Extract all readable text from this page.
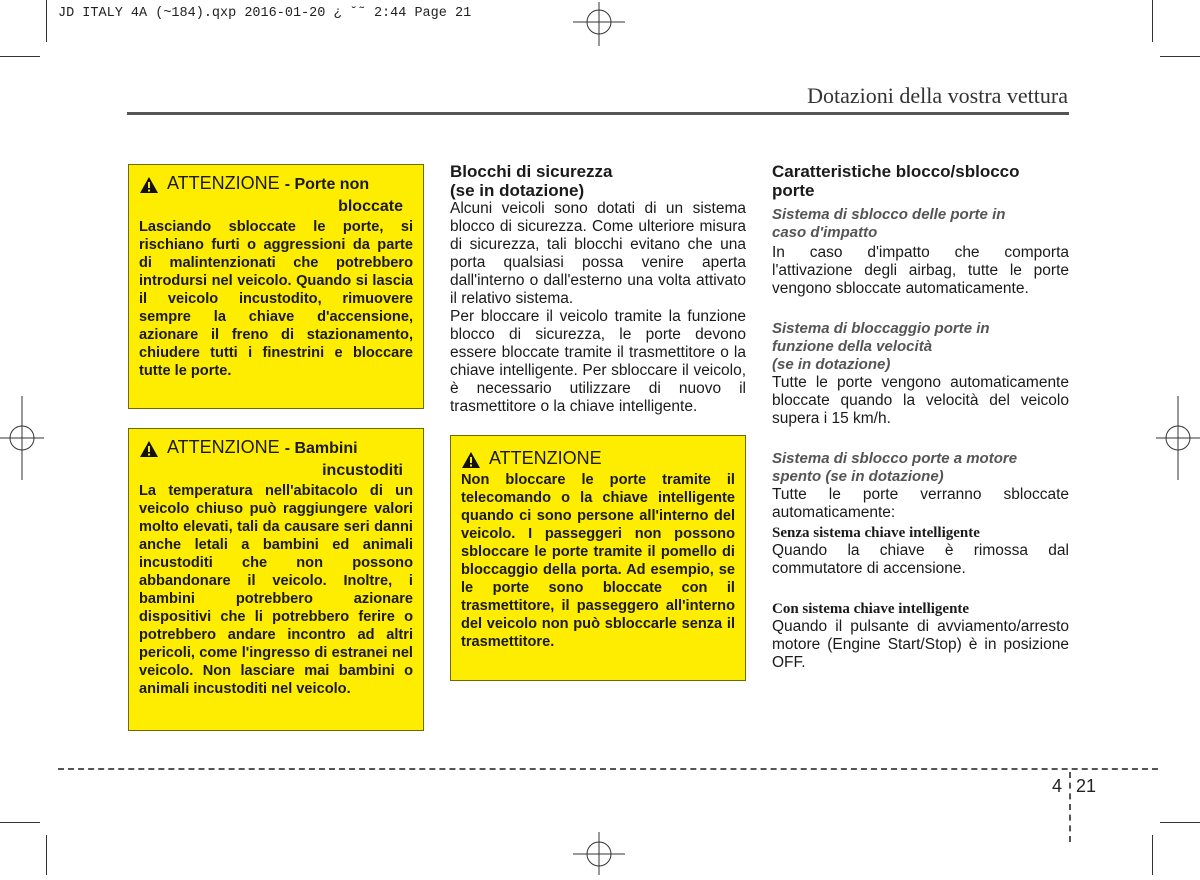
JD ITALY 4A (~184).qxp 2016-01-20 ¿ ˘˜ 2:44 Page 21
Dotazioni della vostra vettura
ATTENZIONE - Porte non
bloccate
Lasciando sbloccate le porte, si rischiano furti o aggressioni da parte di malintenzionati che potrebbero introdursi nel veicolo. Quando si lascia il veicolo incustodito, rimuovere sempre la chiave d'accensione, azionare il freno di stazionamento, chiudere tutti i finestrini e bloccare tutte le porte.
ATTENZIONE - Bambini
incustoditi
La temperatura nell'abitacolo di un veicolo chiuso può raggiungere valori molto elevati, tali da causare seri danni anche letali a bambini ed animali incustoditi che non possono abbandonare il veicolo. Inoltre, i bambini potrebbero azionare dispositivi che li potrebbero ferire o potrebbero andare incontro ad altri pericoli, come l'ingresso di estranei nel veicolo. Non lasciare mai bambini o animali incustoditi nel veicolo.
Blocchi di sicurezza
(se in dotazione)

Alcuni veicoli sono dotati di un sistema blocco di sicurezza. Come ulteriore misura di sicurezza, tali blocchi evitano che una porta qualsiasi possa venire aperta dall'interno o dall'esterno una volta attivato il relativo sistema.

Per bloccare il veicolo tramite la funzione blocco di sicurezza, le porte devono essere bloccate tramite il trasmettitore o la chiave intelligente. Per sbloccare il veicolo, è necessario utilizzare di nuovo il trasmettitore o la chiave intelligente.

ATTENZIONE
Non bloccare le porte tramite il telecomando o la chiave intelligente quando ci sono persone all'interno del veicolo. I passeggeri non possono sbloccare le porte tramite il pomello di bloccaggio della porta. Ad esempio, se le porte sono bloccate con il trasmettitore, il passeggero all'interno del veicolo non può sbloccarle senza il trasmettitore.
Caratteristiche blocco/sblocco
porte
Sistema di sblocco delle porte in
caso d'impatto

In caso d'impatto che comporta l'attivazione degli airbag, tutte le porte vengono sbloccate automaticamente.

Sistema di bloccaggio porte in
funzione della velocità
(se in dotazione)

Tutte le porte vengono automaticamente bloccate quando la velocità del veicolo supera i 15 km/h.

Sistema di sblocco porte a motore
spento (se in dotazione)

Tutte le porte verranno sbloccate automaticamente:

Senza sistema chiave intelligente

Quando la chiave è rimossa dal commutatore di accensione.

Con sistema chiave intelligente

Quando il pulsante di avviamento/arresto motore (Engine Start/Stop) è in posizione OFF.

4 21
